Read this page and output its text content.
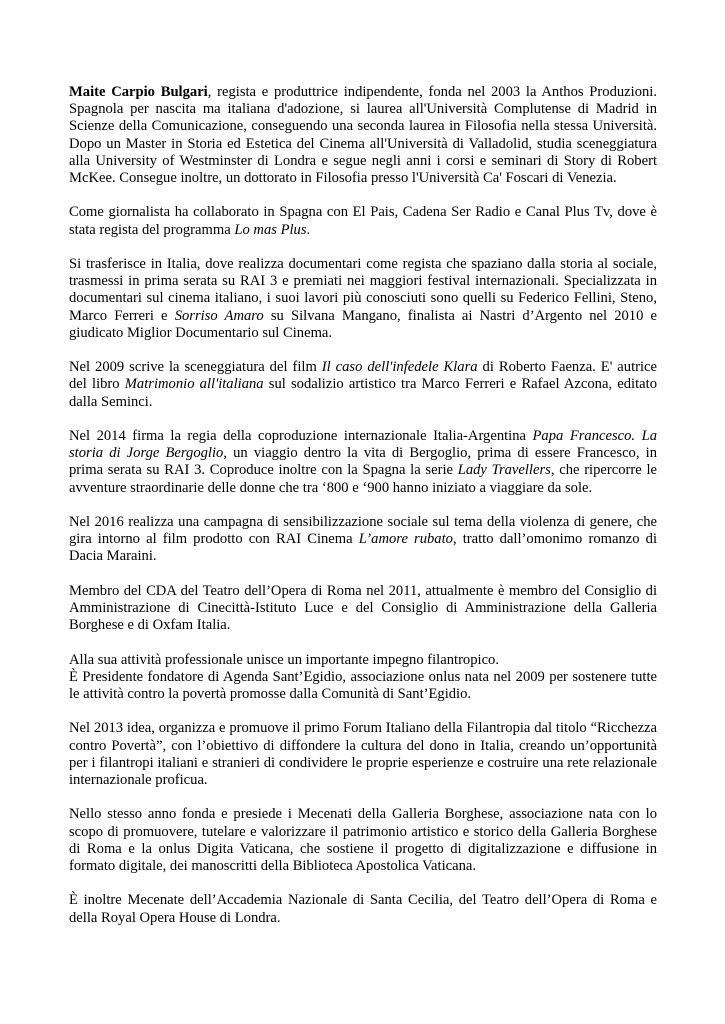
Maite Carpio Bulgari, regista e produttrice indipendente, fonda nel 2003 la Anthos Produzioni. Spagnola per nascita ma italiana d'adozione, si laurea all'Università Complutense di Madrid in Scienze della Comunicazione, conseguendo una seconda laurea in Filosofia nella stessa Università. Dopo un Master in Storia ed Estetica del Cinema all'Università di Valladolid, studia sceneggiatura alla University of Westminster di Londra e segue negli anni i corsi e seminari di Story di Robert McKee. Consegue inoltre, un dottorato in Filosofia presso l'Università Ca' Foscari di Venezia.

Come giornalista ha collaborato in Spagna con El Pais, Cadena Ser Radio e Canal Plus Tv, dove è stata regista del programma Lo mas Plus.

Si trasferisce in Italia, dove realizza documentari come regista che spaziano dalla storia al sociale, trasmessi in prima serata su RAI 3 e premiati nei maggiori festival internazionali. Specializzata in documentari sul cinema italiano, i suoi lavori più conosciuti sono quelli su Federico Fellini, Steno, Marco Ferreri e Sorriso Amaro su Silvana Mangano, finalista ai Nastri d’Argento nel 2010 e giudicato Miglior Documentario sul Cinema.

Nel 2009 scrive la sceneggiatura del film Il caso dell'infedele Klara di Roberto Faenza. E' autrice del libro Matrimonio all'italiana sul sodalizio artistico tra Marco Ferreri e Rafael Azcona, editato dalla Seminci.

Nel 2014 firma la regia della coproduzione internazionale Italia-Argentina Papa Francesco. La storia di Jorge Bergoglio, un viaggio dentro la vita di Bergoglio, prima di essere Francesco, in prima serata su RAI 3. Coproduce inoltre con la Spagna la serie Lady Travellers, che ripercorre le avventure straordinarie delle donne che tra ‘800 e ‘900 hanno iniziato a viaggiare da sole.

Nel 2016 realizza una campagna di sensibilizzazione sociale sul tema della violenza di genere, che gira intorno al film prodotto con RAI Cinema L’amore rubato, tratto dall’omonimo romanzo di Dacia Maraini.

Membro del CDA del Teatro dell’Opera di Roma nel 2011, attualmente è membro del Consiglio di Amministrazione di Cinecittà-Istituto Luce e del Consiglio di Amministrazione della Galleria Borghese e di Oxfam Italia.

Alla sua attività professionale unisce un importante impegno filantropico.

È Presidente fondatore di Agenda Sant’Egidio, associazione onlus nata nel 2009 per sostenere tutte le attività contro la povertà promosse dalla Comunità di Sant’Egidio.

Nel 2013 idea, organizza e promuove il primo Forum Italiano della Filantropia dal titolo “Ricchezza contro Povertà”, con l’obiettivo di diffondere la cultura del dono in Italia, creando un’opportunità per i filantropi italiani e stranieri di condividere le proprie esperienze e costruire una rete relazionale internazionale proficua.

Nello stesso anno fonda e presiede i Mecenati della Galleria Borghese, associazione nata con lo scopo di promuovere, tutelare e valorizzare il patrimonio artistico e storico della Galleria Borghese di Roma e la onlus Digita Vaticana, che sostiene il progetto di digitalizzazione e diffusione in formato digitale, dei manoscritti della Biblioteca Apostolica Vaticana.

È inoltre Mecenate dell’Accademia Nazionale di Santa Cecilia, del Teatro dell’Opera di Roma e della Royal Opera House di Londra.
